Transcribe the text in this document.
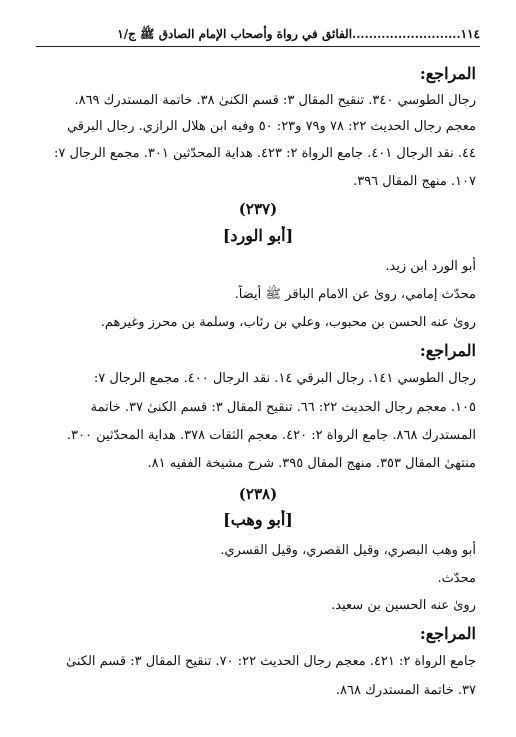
١١٤..........................الفائق في رواة وأصحاب الإمام الصادق ﷺ ج/١
المراجع:
رجال الطوسي ٣٤٠. تنقيح المقال ٣: قسم الكنىٰ ٣٨. خاتمة المستدرك ٨٦٩.
معجم رجال الحديث ٢٢: ٧٨ و٧٩ و٢٣: ٥٠ وفيه ابن هلال الرازي. رجال البرقي
٤٤. نقد الرجال ٤٠١. جامع الرواة ٢: ٤٢٣. هداية المحدّثين ٣٠١. مجمع الرجال ٧:
١٠٧. منهج المقال ٣٩٦.
(٢٣٧)
[أبو الورد]
أبو الورد ابن زيد.
محدّث إمامي، روىٰ عن الامام الباقر ﷺ أيضاً.
روىٰ عنه الحسن بن محبوب، وعلي بن رئاب، وسلمة بن محرز وغيرهم.
المراجع:
رجال الطوسي ١٤١. رجال البرقي ١٤. نقد الرجال ٤٠٠. مجمع الرجال ٧:
١٠٥. معجم رجال الحديث ٢٢: ٦٦. تنقيح المقال ٣: قسم الكنىٰ ٣٧. خاتمة
المستدرك ٨٦٨. جامع الرواة ٢: ٤٢٠. معجم الثقات ٣٧٨. هداية المحدّثين ٣٠٠.
منتهىٰ المقال ٣٥٣. منهج المقال ٣٩٥. شرح مشيخة الفقيه ٨١.
(٢٣٨)
[أبو وهب]
أبو وهب البصري، وقيل القصري، وقيل القسري.
محدّث.
روىٰ عنه الحسين بن سعيد.
المراجع:
جامع الرواة ٢: ٤٢١. معجم رجال الحديث ٢٢: ٧٠. تنقيح المقال ٣: قسم الكنىٰ
٣٧. خاتمة المستدرك ٨٦٨.
